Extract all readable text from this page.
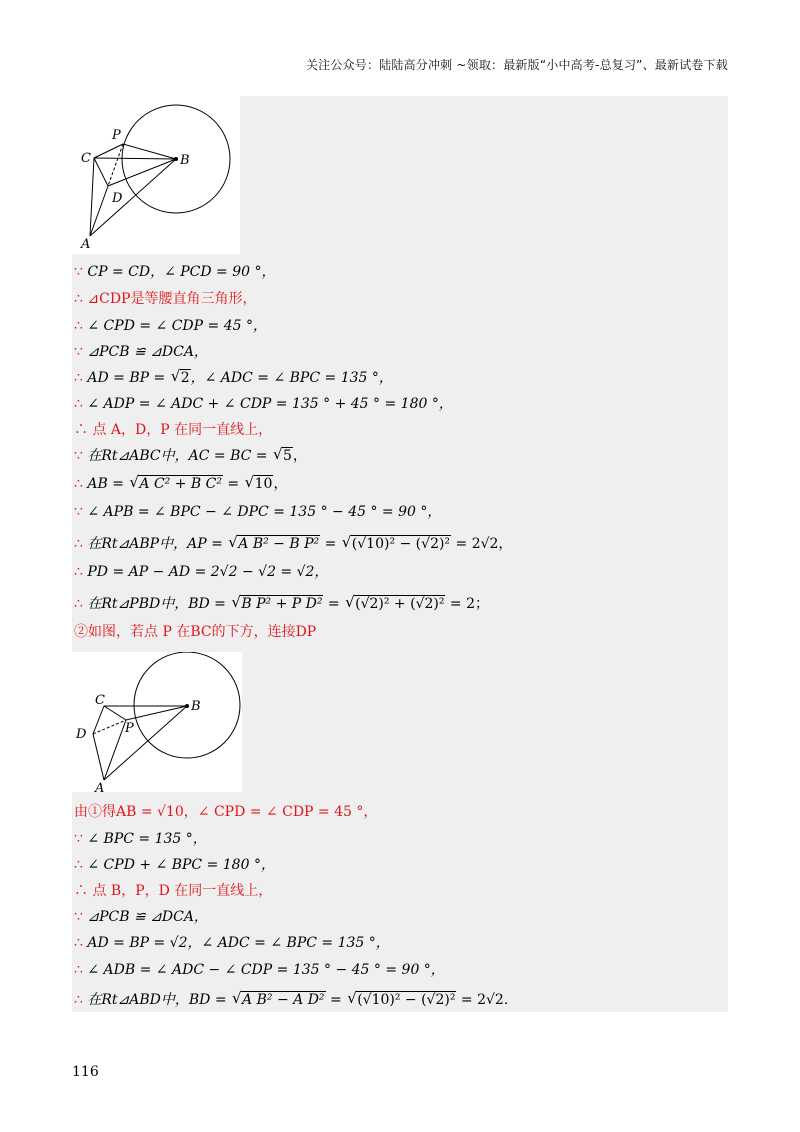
关注公众号：陆陆高分冲刺 ~领取：最新版“小中高考-总复习”、最新试卷下载
P
C	B
D
A
∵ CP = CD，∠ PCD = 90 °，
∴ ⊿CDP是等腰直角三角形，
∴ ∠ CPD = ∠ CDP = 45 °，
∵ ⊿PCB ≌ ⊿DCA，
∴ AD = BP = √ 2，∠ ADC = ∠ BPC = 135 °，
∴ ∠ ADP = ∠ ADC + ∠ CDP = 135 ° + 45 ° = 180 °，
∴ 点 A，D，P 在同一直线上，
∵ 在Rt⊿ABC中，AC = BC = √ 5，
∴ AB = √ A C² + B C² = √ 10，
∵ ∠ APB = ∠ BPC − ∠ DPC = 135 ° − 45 ° = 90 °，
∴ 在Rt⊿ABP中，AP = √ A B² − B P² = √ (√10)² − (√2)² = 2√2，
∴ PD = AP − AD = 2√2 − √2 = √2，
∴ 在Rt⊿PBD中，BD = √ B P² + P D² = √ (√2)² + (√2)² = 2；
②如图，若点 P 在BC的下方，连接DP
C	B
D	P
A
由①得AB = √10，∠ CPD = ∠ CDP = 45 °，
∵ ∠ BPC = 135 °，
∴ ∠ CPD + ∠ BPC = 180 °，
∴ 点 B，P，D 在同一直线上，
∵ ⊿PCB ≌ ⊿DCA，
∴ AD = BP = √2，∠ ADC = ∠ BPC = 135 °，
∴ ∠ ADB = ∠ ADC − ∠ CDP = 135 ° − 45 ° = 90 °，
∴ 在Rt⊿ABD中，BD = √ A B² − A D² = √ (√10)² − (√2)² = 2√2.
116
